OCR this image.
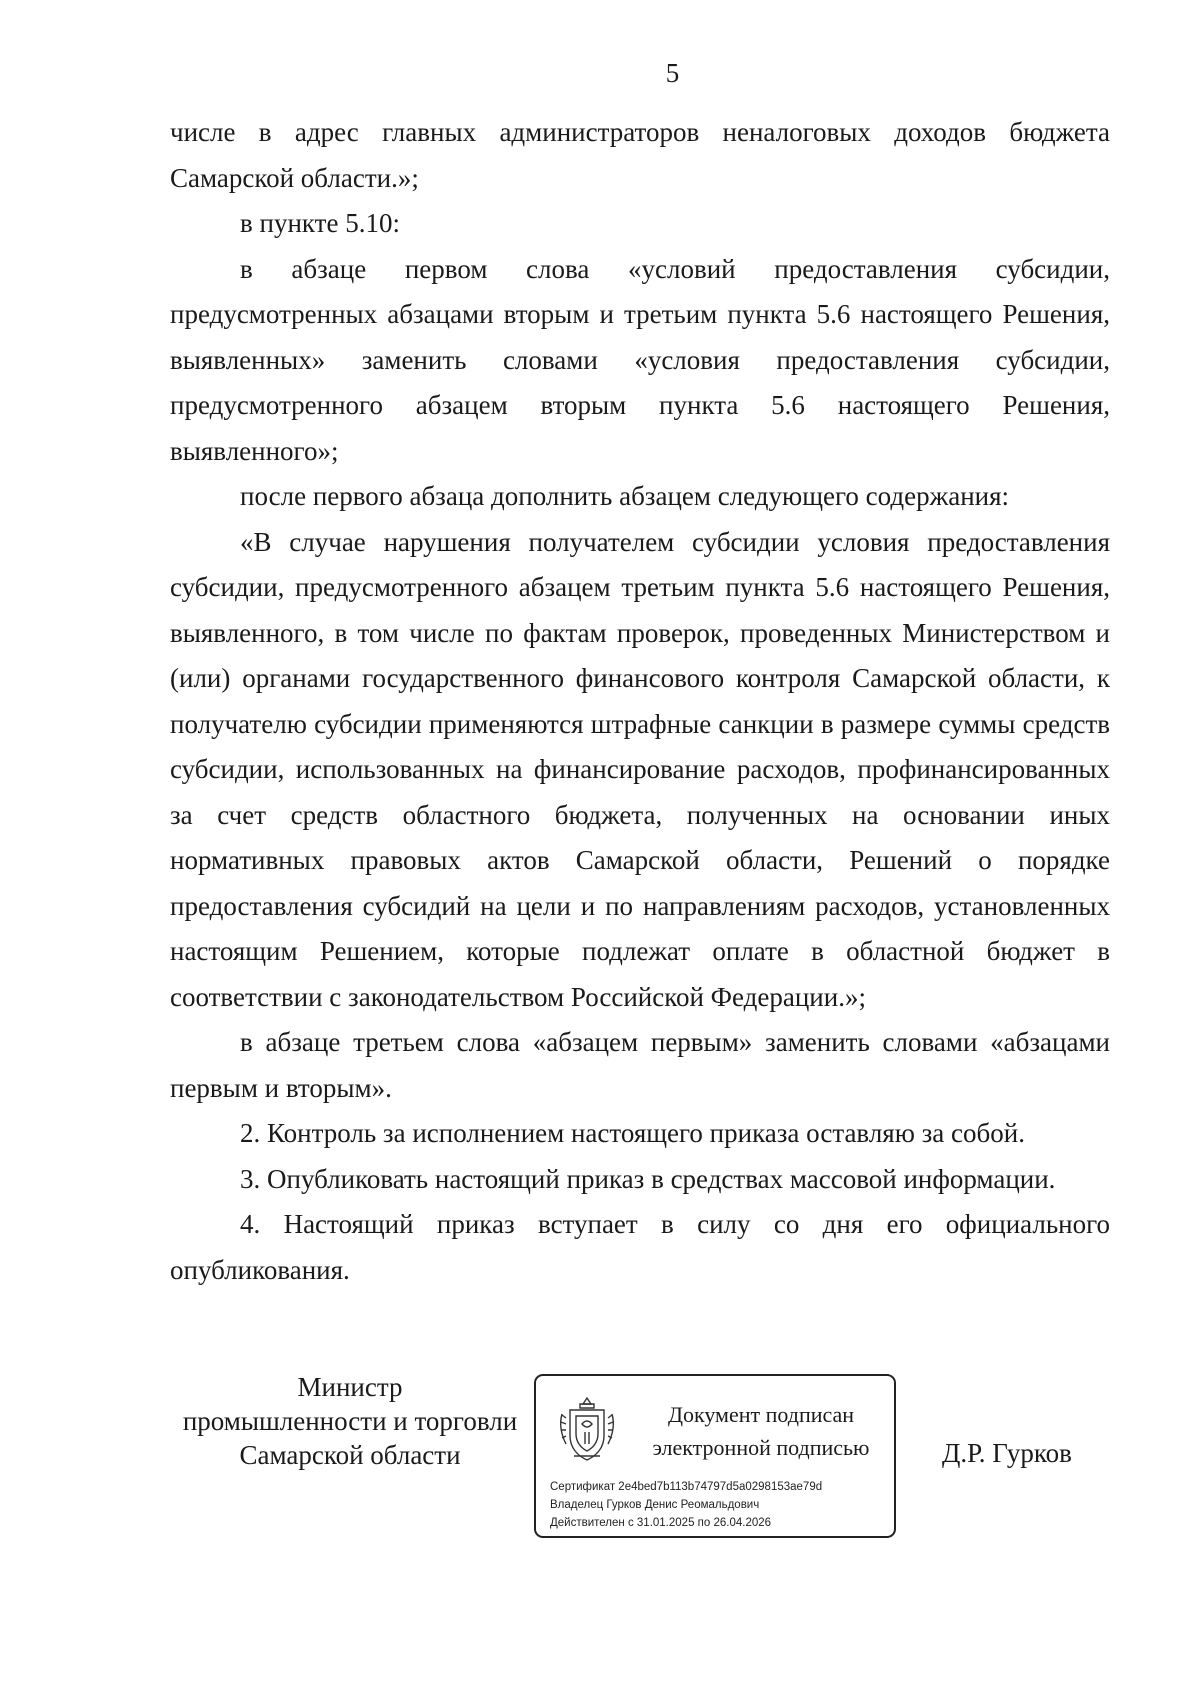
5

числе в адрес главных администраторов неналоговых доходов бюджета Самарской области.»;

в пункте 5.10:

в абзаце первом слова «условий предоставления субсидии, предусмотренных абзацами вторым и третьим пункта 5.6 настоящего Решения, выявленных» заменить словами «условия предоставления субсидии, предусмотренного абзацем вторым пункта 5.6 настоящего Решения, выявленного»;

после первого абзаца дополнить абзацем следующего содержания:

«В случае нарушения получателем субсидии условия предоставления субсидии, предусмотренного абзацем третьим пункта 5.6 настоящего Решения, выявленного, в том числе по фактам проверок, проведенных Министерством и (или) органами государственного финансового контроля Самарской области, к получателю субсидии применяются штрафные санкции в размере суммы средств субсидии, использованных на финансирование расходов, профинансированных за счет средств областного бюджета, полученных на основании иных нормативных правовых актов Самарской области, Решений о порядке предоставления субсидий на цели и по направлениям расходов, установленных настоящим Решением, которые подлежат оплате в областной бюджет в соответствии с законодательством Российской Федерации.»;

в абзаце третьем слова «абзацем первым» заменить словами «абзацами первым и вторым».

2. Контроль за исполнением настоящего приказа оставляю за собой.

3. Опубликовать настоящий приказ в средствах массовой информации.

4. Настоящий приказ вступает в силу со дня его официального опубликования.

Министр
промышленности и торговли
Самарской области
Документ подписан
электронной подписью
Сертификат 2e4bed7b113b74797d5a0298153ae79d
Владелец Гурков Денис Реомальдович
Действителен с 31.01.2025 по 26.04.2026
Д.Р. Гурков
